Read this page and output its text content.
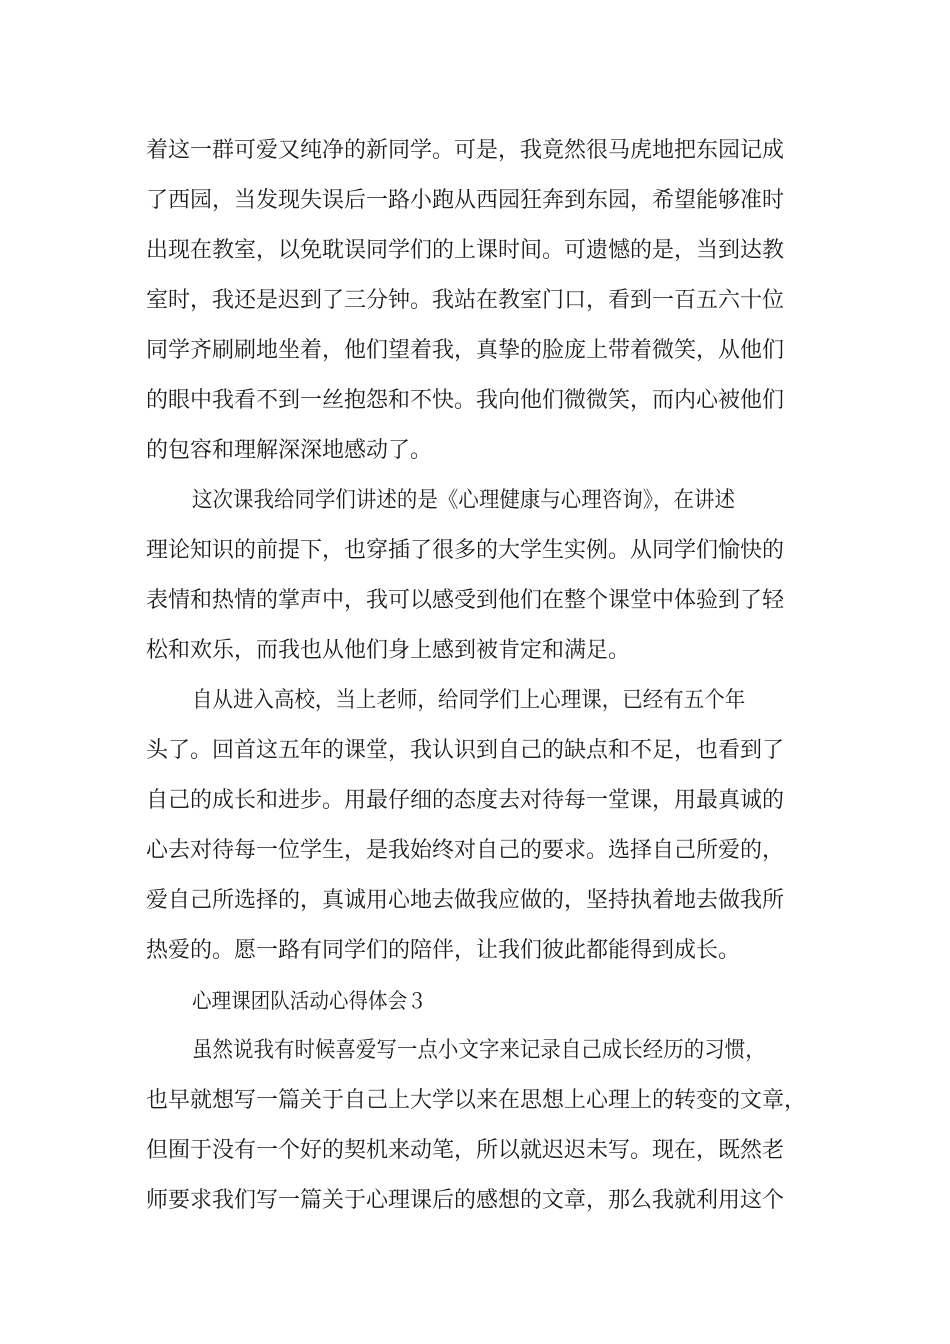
着这一群可爱又纯净的新同学。可是，我竟然很马虎地把东园记成
了西园，当发现失误后一路小跑从西园狂奔到东园，希望能够准时
出现在教室，以免耽误同学们的上课时间。可遗憾的是，当到达教
室时，我还是迟到了三分钟。我站在教室门口，看到一百五六十位
同学齐刷刷地坐着，他们望着我，真挚的脸庞上带着微笑，从他们
的眼中我看不到一丝抱怨和不快。我向他们微微笑，而内心被他们
的包容和理解深深地感动了。
这次课我给同学们讲述的是《心理健康与心理咨询》，在讲述
理论知识的前提下，也穿插了很多的大学生实例。从同学们愉快的
表情和热情的掌声中，我可以感受到他们在整个课堂中体验到了轻
松和欢乐，而我也从他们身上感到被肯定和满足。
自从进入高校，当上老师，给同学们上心理课，已经有五个年
头了。回首这五年的课堂，我认识到自己的缺点和不足，也看到了
自己的成长和进步。用最仔细的态度去对待每一堂课，用最真诚的
心去对待每一位学生，是我始终对自己的要求。选择自己所爱的，
爱自己所选择的，真诚用心地去做我应做的，坚持执着地去做我所
热爱的。愿一路有同学们的陪伴，让我们彼此都能得到成长。
心理课团队活动心得体会３
虽然说我有时候喜爱写一点小文字来记录自己成长经历的习惯，
也早就想写一篇关于自己上大学以来在思想上心理上的转变的文章，
但囿于没有一个好的契机来动笔，所以就迟迟未写。现在，既然老
师要求我们写一篇关于心理课后的感想的文章，那么我就利用这个
